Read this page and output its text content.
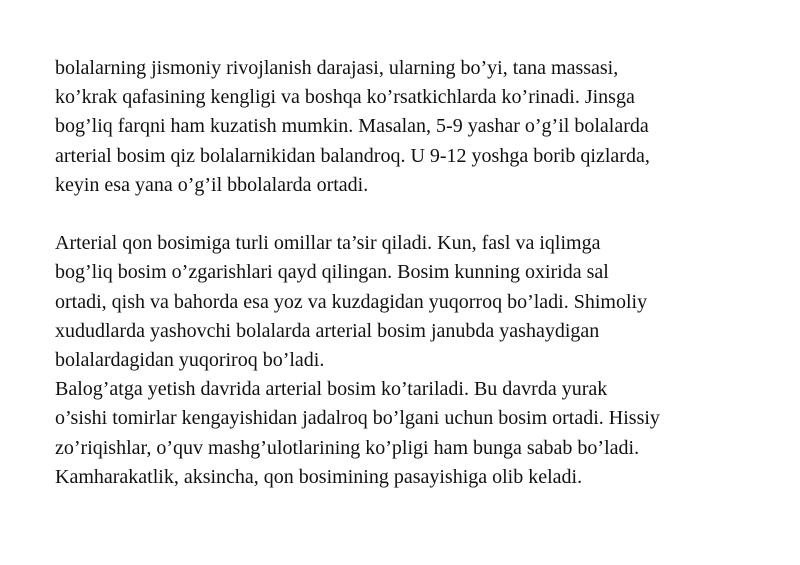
bolalarning jismoniy rivojlanish darajasi, ularning bo’yi, tana massasi,
ko’krak qafasining kengligi va boshqa ko’rsatkichlarda ko’rinadi. Jinsga
bog’liq farqni ham kuzatish mumkin. Masalan, 5-9 yashar o’g’il bolalarda
arterial bosim qiz bolalarnikidan balandroq. U 9-12 yoshga borib qizlarda,
keyin esa yana o’g’il bbolalarda ortadi.

Arterial qon bosimiga turli omillar ta’sir qiladi. Kun, fasl va iqlimga
bog’liq bosim o’zgarishlari qayd qilingan. Bosim kunning oxirida sal
ortadi, qish va bahorda esa yoz va kuzdagidan yuqorroq bo’ladi. Shimoliy
xududlarda yashovchi bolalarda arterial bosim janubda yashaydigan
bolalardagidan yuqoriroq bo’ladi.

Balog’atga yetish davrida arterial bosim ko’tariladi. Bu davrda yurak
o’sishi tomirlar kengayishidan jadalroq bo’lgani uchun bosim ortadi. Hissiy
zo’riqishlar, o’quv mashg’ulotlarining ko’pligi ham bunga sabab bo’ladi.
Kamharakatlik, aksincha, qon bosimining pasayishiga olib keladi.
